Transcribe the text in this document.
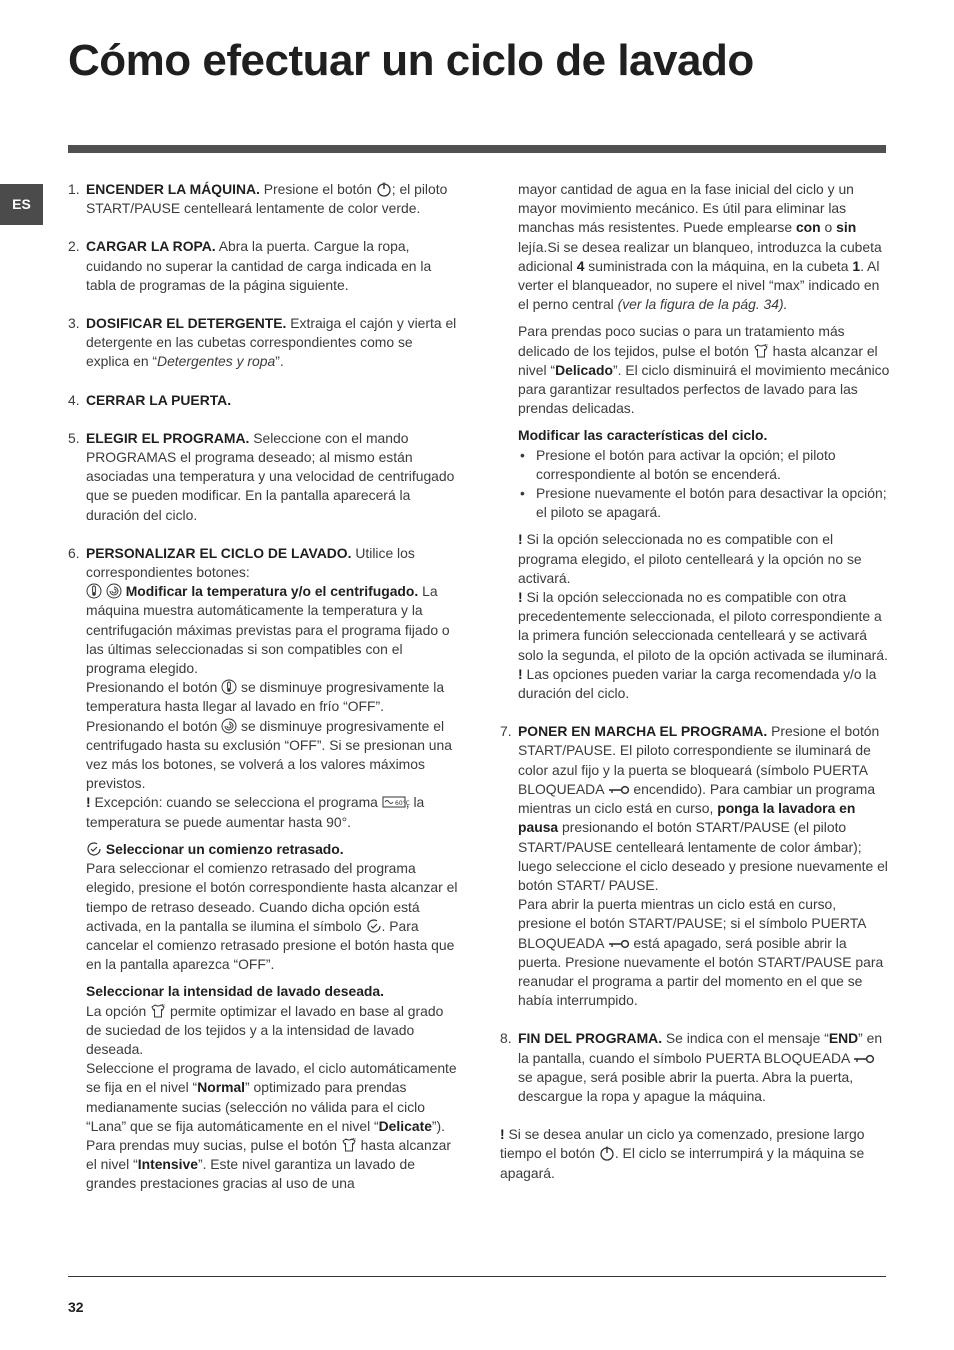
Cómo efectuar un ciclo de lavado
ES
1. ENCENDER LA MÁQUINA. Presione el botón
; el piloto START/PAUSE centelleará lentamente de color verde.
2. CARGAR LA ROPA. Abra la puerta. Cargue la ropa, cuidando no superar la cantidad de carga indicada en la tabla de programas de la página siguiente.
3. DOSIFICAR EL DETERGENTE. Extraiga el cajón y vierta el detergente en las cubetas correspondientes como se explica en “Detergentes y ropa”.
4. CERRAR LA PUERTA.
5. ELEGIR EL PROGRAMA. Seleccione con el mando PROGRAMAS el programa deseado; al mismo están asociadas una temperatura y una velocidad de centrifugado que se pueden modificar. En la pantalla aparecerá la duración del ciclo.
6. PERSONALIZAR EL CICLO DE LAVADO. Utilice los correspondientes botones:

Modificar la temperatura y/o el centrifugado. La máquina muestra automáticamente la temperatura y la centrifugación máximas previstas para el programa fijado o las últimas seleccionadas si son compatibles con el programa elegido.

Presionando el botón
se disminuye progresivamente la temperatura hasta llegar al lavado en frío “OFF”.

Presionando el botón
se disminuye progresivamente el centrifugado hasta su exclusión “OFF”. Si se presionan una vez más los botones, se volverá a los valores máximos previstos.

! Excepción: cuando se selecciona el programa 60°C
, la temperatura se puede aumentar hasta 90°.

Seleccionar un comienzo retrasado.

Para seleccionar el comienzo retrasado del programa elegido, presione el botón correspondiente hasta alcanzar el tiempo de retraso deseado. Cuando dicha opción está activada, en la pantalla se ilumina el símbolo
. Para cancelar el comienzo retrasado presione el botón hasta que en la pantalla aparezca “OFF”.

Seleccionar la intensidad de lavado deseada.

La opción
permite optimizar el lavado en base al grado de suciedad de los tejidos y a la intensidad de lavado deseada.

Seleccione el programa de lavado, el ciclo automáticamente se fija en el nivel “Normal” optimizado para prendas medianamente sucias (selección no válida para el ciclo “Lana” que se fija automáticamente en el nivel “Delicate”).

Para prendas muy sucias, pulse el botón
hasta alcanzar el nivel “Intensive”. Este nivel garantiza un lavado de grandes prestaciones gracias al uso de una

mayor cantidad de agua en la fase inicial del ciclo y un mayor movimiento mecánico. Es útil para eliminar las manchas más resistentes. Puede emplearse con o sin lejía.Si se desea realizar un blanqueo, introduzca la cubeta adicional 4 suministrada con la máquina, en la cubeta 1. Al verter el blanqueador, no supere el nivel “max” indicado en el perno central (ver la figura de la pág. 34).

Para prendas poco sucias o para un tratamiento más delicado de los tejidos, pulse el botón
hasta alcanzar el nivel “Delicado”. El ciclo disminuirá el movimiento mecánico para garantizar resultados perfectos de lavado para las prendas delicadas.

Modificar las características del ciclo.

• Presione el botón para activar la opción; el piloto correspondiente al botón se encenderá.
• Presione nuevamente el botón para desactivar la opción; el piloto se apagará.

! Si la opción seleccionada no es compatible con el programa elegido, el piloto centelleará y la opción no se activará.

! Si la opción seleccionada no es compatible con otra precedentemente seleccionada, el piloto correspondiente a la primera función seleccionada centelleará y se activará solo la segunda, el piloto de la opción activada se iluminará.

! Las opciones pueden variar la carga recomendada y/o la duración del ciclo.

7. PONER EN MARCHA EL PROGRAMA. Presione el botón START/PAUSE. El piloto correspondiente se iluminará de color azul fijo y la puerta se bloqueará (símbolo PUERTA BLOQUEADA
encendido). Para cambiar un programa mientras un ciclo está en curso, ponga la lavadora en pausa presionando el botón START/PAUSE (el piloto START/PAUSE centelleará lentamente de color ámbar); luego seleccione el ciclo deseado y presione nuevamente el botón START/ PAUSE.

Para abrir la puerta mientras un ciclo está en curso, presione el botón START/PAUSE; si el símbolo PUERTA BLOQUEADA
está apagado, será posible abrir la puerta. Presione nuevamente el botón START/PAUSE para reanudar el programa a partir del momento en el que se había interrumpido.

8. FIN DEL PROGRAMA. Se indica con el mensaje “END” en la pantalla, cuando el símbolo PUERTA BLOQUEADA
se apague, será posible abrir la puerta. Abra la puerta, descargue la ropa y apague la máquina.

! Si se desea anular un ciclo ya comenzado, presione largo tiempo el botón
. El ciclo se interrumpirá y la máquina se apagará.

32
